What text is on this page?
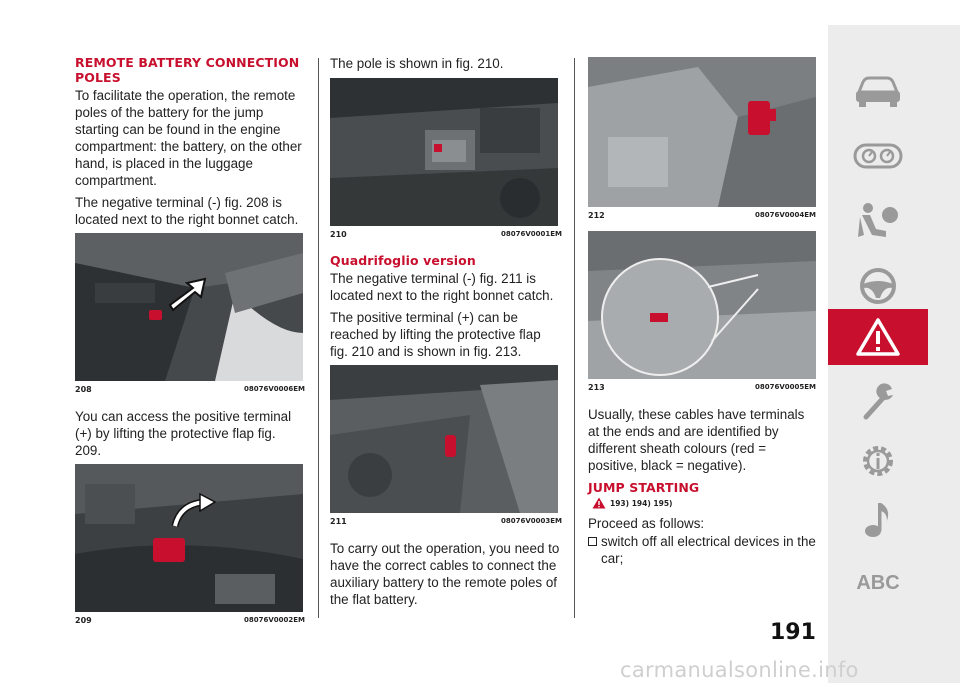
REMOTE BATTERY CONNECTION POLES

To facilitate the operation, the remote poles of the battery for the jump starting can be found in the engine compartment: the battery, on the other hand, is placed in the luggage compartment.

The negative terminal (-) fig. 208 is located next to the right bonnet catch.

208	08076V0006EM

You can access the positive terminal (+) by lifting the protective flap fig. 209.

209	08076V0002EM

The pole is shown in fig. 210.

210	08076V0001EM
Quadrifoglio version

The negative terminal (-) fig. 211 is located next to the right bonnet catch.

The positive terminal (+) can be reached by lifting the protective flap fig. 210 and is shown in fig. 213.

211	08076V0003EM

To carry out the operation, you need to have the correct cables to connect the auxiliary battery to the remote poles of the flat battery.

212	08076V0004EM
213	08076V0005EM

Usually, these cables have terminals at the ends and are identified by different sheath colours (red = positive, black = negative).

JUMP STARTING
193) 194) 195)

Proceed as follows:

switch off all electrical devices in the car;
ABC
191
carmanualsonline.info
